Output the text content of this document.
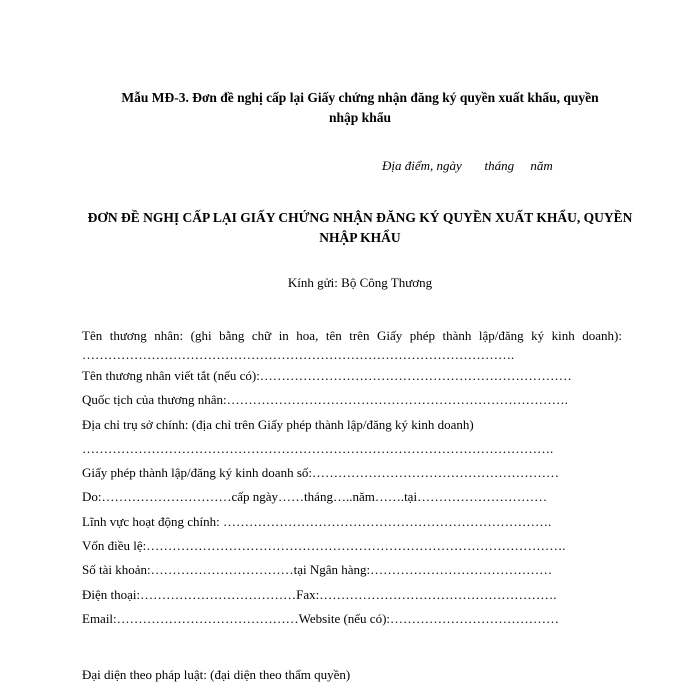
Mẫu MĐ-3. Đơn đề nghị cấp lại Giấy chứng nhận đăng ký quyền xuất khẩu, quyền nhập khẩu
Địa điểm, ngày       tháng     năm
ĐƠN ĐỀ NGHỊ CẤP LẠI GIẤY CHỨNG NHẬN ĐĂNG KÝ QUYỀN XUẤT KHẨU, QUYỀN NHẬP KHẨU
Kính gửi: Bộ Công Thương
Tên thương nhân: (ghi bằng chữ in hoa, tên trên Giấy phép thành lập/đăng ký kinh doanh):
……………………………………………………………………………………….
Tên thương nhân viết tắt (nếu có):………………………………………………………………
Quốc tịch của thương nhân:…………………………………………………………………….
Địa chỉ trụ sở chính: (địa chỉ trên Giấy phép thành lập/đăng ký kinh doanh)
……………………………………………………………………………………………….
Giấy phép thành lập/đăng ký kinh doanh số:…………………………………………………
Do:…………………………cấp ngày……tháng…..năm…….tại…………………………
Lĩnh vực hoạt động chính: ………………………………………………………………….
Vốn điều lệ:…………………………………………………………………………………….
Số tài khoản:……………………………tại Ngân hàng:……………………………………
Điện thoại:………………………………Fax:……………………………………………….
Email:……………………………………Website (nếu có):…………………………………
Đại diện theo pháp luật: (đại diện theo thẩm quyền)
